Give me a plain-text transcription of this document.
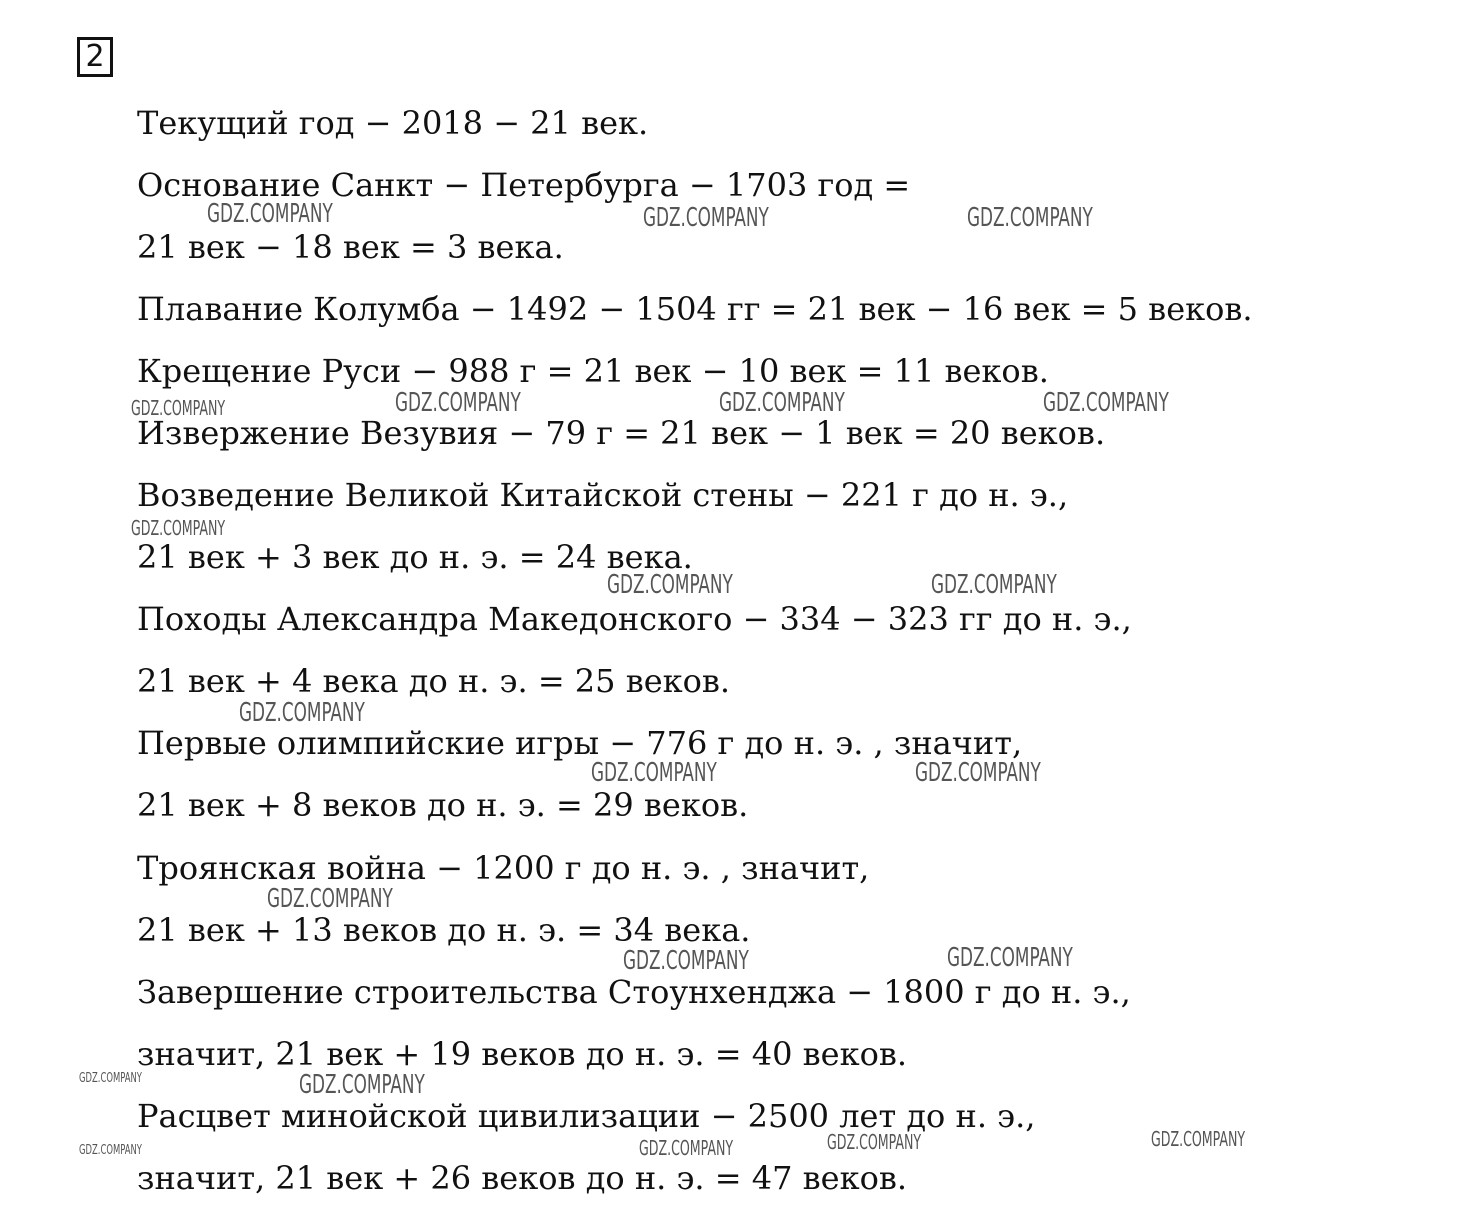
2
Текущий год − 2018 − 21 век.
Основание Санкт − Петербурга − 1703 год =
21 век − 18 век = 3 века.
Плавание Колумба − 1492 − 1504 гг = 21 век − 16 век = 5 веков.
Крещение Руси − 988 г = 21 век − 10 век = 11 веков.
Извержение Везувия − 79 г = 21 век − 1 век = 20 веков.
Возведение Великой Китайской стены − 221 г до н. э.,
21 век + 3 век до н. э. = 24 века.
Походы Александра Македонского − 334 − 323 гг до н. э.,
21 век + 4 века до н. э. = 25 веков.
Первые олимпийские игры − 776 г до н. э. , значит,
21 век + 8 веков до н. э. = 29 веков.
Троянская война − 1200 г до н. э. , значит,
21 век + 13 веков до н. э. = 34 века.
Завершение строительства Стоунхенджа − 1800 г до н. э.,
значит, 21 век + 19 веков до н. э. = 40 веков.
Расцвет минойской цивилизации − 2500 лет до н. э.,
значит, 21 век + 26 веков до н. э. = 47 веков.
GDZ.COMPANY	GDZ.COMPANY	GDZ.COMPANY
GDZ.COMPANY	GDZ.COMPANY	GDZ.COMPANY	GDZ.COMPANY
GDZ.COMPANY
GDZ.COMPANY	GDZ.COMPANY
GDZ.COMPANY
GDZ.COMPANY	GDZ.COMPANY
GDZ.COMPANY
GDZ.COMPANY	GDZ.COMPANY
GDZ.COMPANY	GDZ.COMPANY
GDZ.COMPANY	GDZ.COMPANY	GDZ.COMPANY	GDZ.COMPANY
